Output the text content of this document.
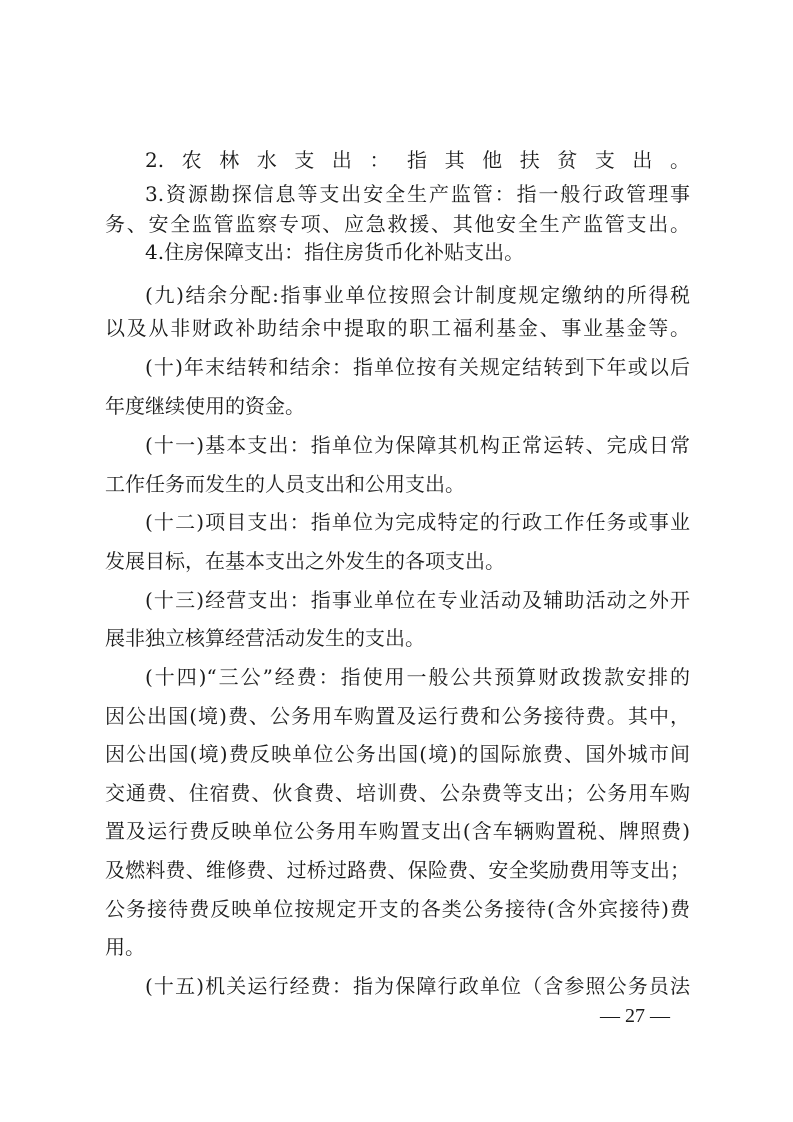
2.农林水支出：指其他扶贫支出。
3.资源勘探信息等支出安全生产监管：指一般行政管理事
务、安全监管监察专项、应急救援、其他安全生产监管支出。
4.住房保障支出：指住房货币化补贴支出。
(九)结余分配:指事业单位按照会计制度规定缴纳的所得税
以及从非财政补助结余中提取的职工福利基金、事业基金等。
(十)年末结转和结余：指单位按有关规定结转到下年或以后
年度继续使用的资金。
(十一)基本支出：指单位为保障其机构正常运转、完成日常
工作任务而发生的人员支出和公用支出。
(十二)项目支出：指单位为完成特定的行政工作任务或事业
发展目标，在基本支出之外发生的各项支出。
(十三)经营支出：指事业单位在专业活动及辅助活动之外开
展非独立核算经营活动发生的支出。
(十四)“三公”经费：指使用一般公共预算财政拨款安排的
因公出国(境)费、公务用车购置及运行费和公务接待费。其中，
因公出国(境)费反映单位公务出国(境)的国际旅费、国外城市间
交通费、住宿费、伙食费、培训费、公杂费等支出；公务用车购
置及运行费反映单位公务用车购置支出(含车辆购置税、牌照费)
及燃料费、维修费、过桥过路费、保险费、安全奖励费用等支出；
公务接待费反映单位按规定开支的各类公务接待(含外宾接待)费
用。
(十五)机关运行经费：指为保障行政单位（含参照公务员法
— 27 —
